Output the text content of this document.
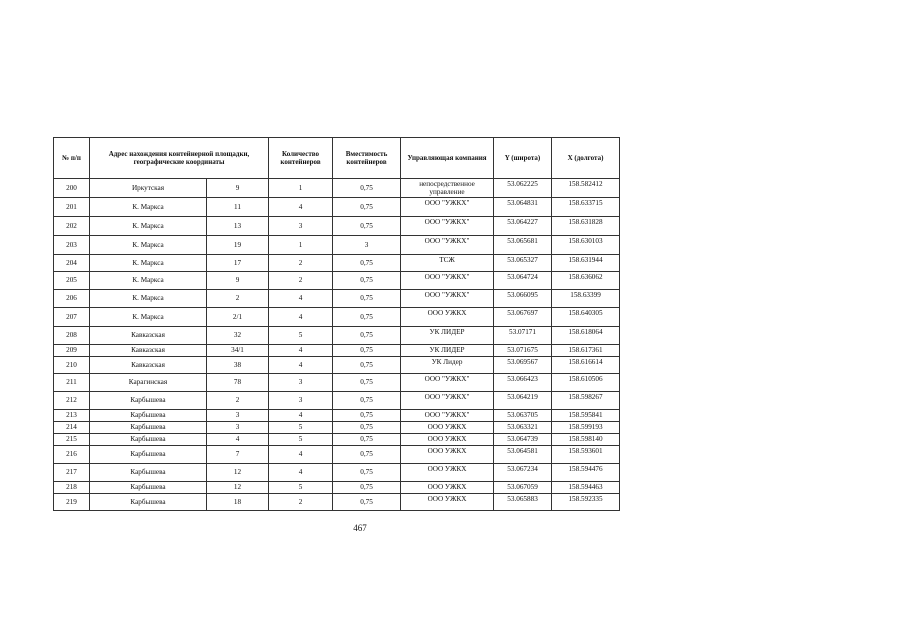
№ п/п	Адрес нахождения контейнерной площадки, географические координаты		Количество контейнеров	Вместимость контейнеров	Управляющая компания	Y (широта)	X (долгота)
200	Иркутская	9	1	0,75	непосредственное управление	53.062225	158.582412
201	К. Маркса	11	4	0,75	ООО "УЖКХ"	53.064831	158.633715
202	К. Маркса	13	3	0,75	ООО "УЖКХ"	53.064227	158.631828
203	К. Маркса	19	1	3	ООО "УЖКХ"	53.065681	158.630103
204	К. Маркса	17	2	0,75	ТСЖ	53.065327	158.631944
205	К. Маркса	9	2	0,75	ООО "УЖКХ"	53.064724	158.636062
206	К. Маркса	2	4	0,75	ООО "УЖКХ"	53.066095	158.63399
207	К. Маркса	2/1	4	0,75	ООО УЖКХ	53.067697	158.640305
208	Кавказская	32	5	0,75	УК ЛИДЕР	53.07171	158.618064
209	Кавказская	34/1	4	0,75	УК ЛИДЕР	53.071675	158.617361
210	Кавказская	38	4	0,75	УК Лидер	53.069567	158.616614
211	Карагинская	78	3	0,75	ООО "УЖКХ"	53.066423	158.610506
212	Карбышева	2	3	0,75	ООО "УЖКХ"	53.064219	158.598267
213	Карбышева	3	4	0,75	ООО "УЖКХ"	53.063705	158.595841
214	Карбышева	3	5	0,75	ООО УЖКХ	53.063321	158.599193
215	Карбышева	4	5	0,75	ООО УЖКХ	53.064739	158.598140
216	Карбышева	7	4	0,75	ООО УЖКХ	53.064581	158.593601
217	Карбышева	12	4	0,75	ООО УЖКХ	53.067234	158.594476
218	Карбышева	12	5	0,75	ООО УЖКХ	53.067059	158.594463
219	Карбышева	18	2	0,75	ООО УЖКХ	53.065883	158.592335
467
